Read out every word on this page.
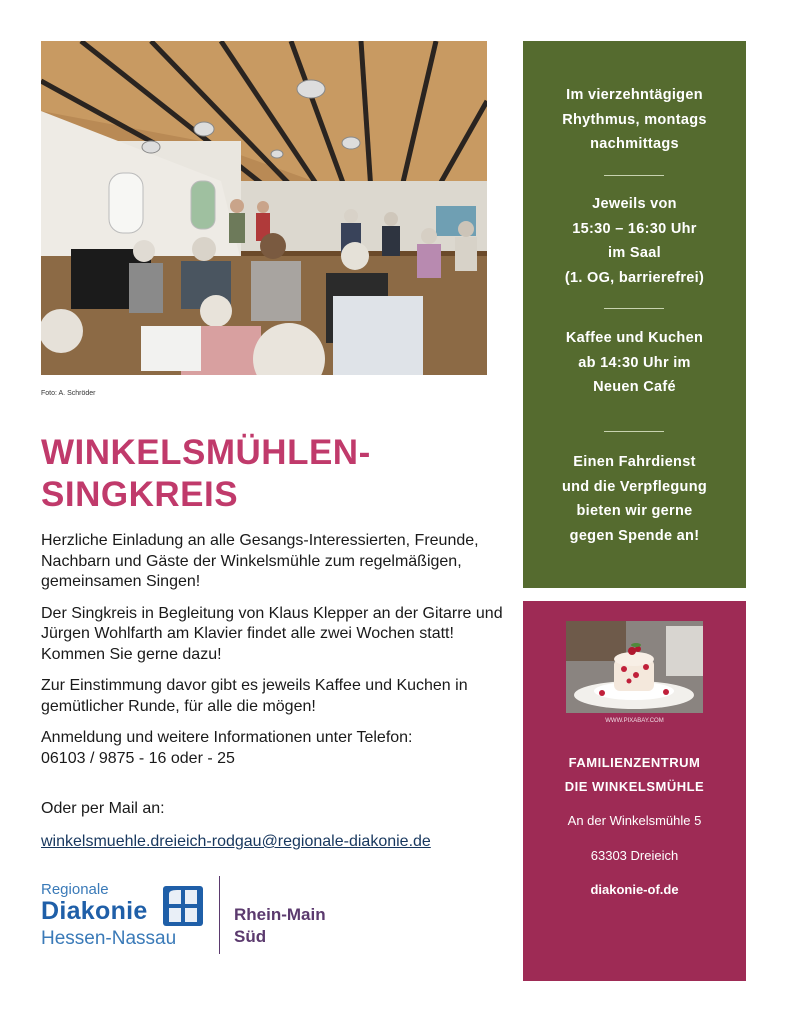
Foto: A. Schröder
WINKELSMÜHLEN-
SINGKREIS

Herzliche Einladung an alle Gesangs-Interessierten, Freunde, Nachbarn und Gäste der Winkelsmühle zum regelmäßigen, gemeinsamen Singen!

Der Singkreis in Begleitung von Klaus Klepper an der Gitarre und Jürgen Wohlfarth am Klavier findet alle zwei Wochen statt! Kommen Sie gerne dazu!

Zur Einstimmung davor gibt es jeweils Kaffee und Kuchen in gemütlicher Runde, für alle die mögen!

Anmeldung und weitere Informationen unter Telefon:
06103 / 9875 - 16 oder - 25

Oder per Mail an:
winkelsmuehle.dreieich-rodgau@regionale-diakonie.de
Regionale
Diakonie
Hessen-Nassau
Rhein-Main
Süd
Im vierzehntägigen
Rhythmus, montags
nachmittags
Jeweils von
15:30 – 16:30 Uhr
im Saal
(1. OG, barrierefrei)
Kaffee und Kuchen
ab 14:30 Uhr im
Neuen Café
Einen Fahrdienst
und die Verpflegung
bieten wir gerne
gegen Spende an!
WWW.PIXABAY.COM
FAMILIENZENTRUM
DIE WINKELSMÜHLE
An der Winkelsmühle 5
63303 Dreieich
diakonie-of.de
